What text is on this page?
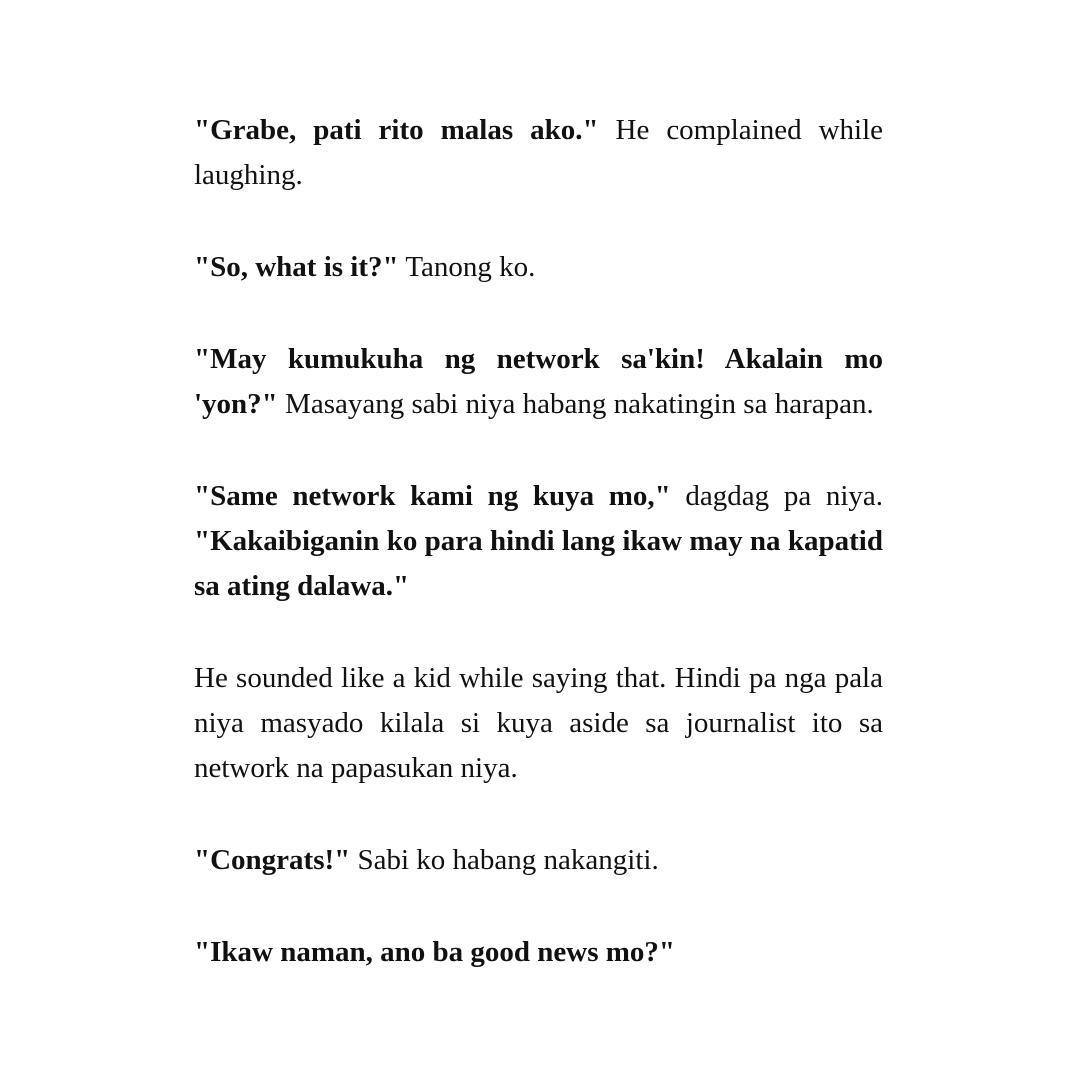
"Grabe, pati rito malas ako." He complained while laughing.

"So, what is it?" Tanong ko.

"May kumukuha ng network sa'kin! Akalain mo 'yon?" Masayang sabi niya habang nakatingin sa harapan.

"Same network kami ng kuya mo," dagdag pa niya. "Kakaibiganin ko para hindi lang ikaw may na kapatid sa ating dalawa."

He sounded like a kid while saying that. Hindi pa nga pala niya masyado kilala si kuya aside sa journalist ito sa network na papasukan niya.

"Congrats!" Sabi ko habang nakangiti.

"Ikaw naman, ano ba good news mo?"
